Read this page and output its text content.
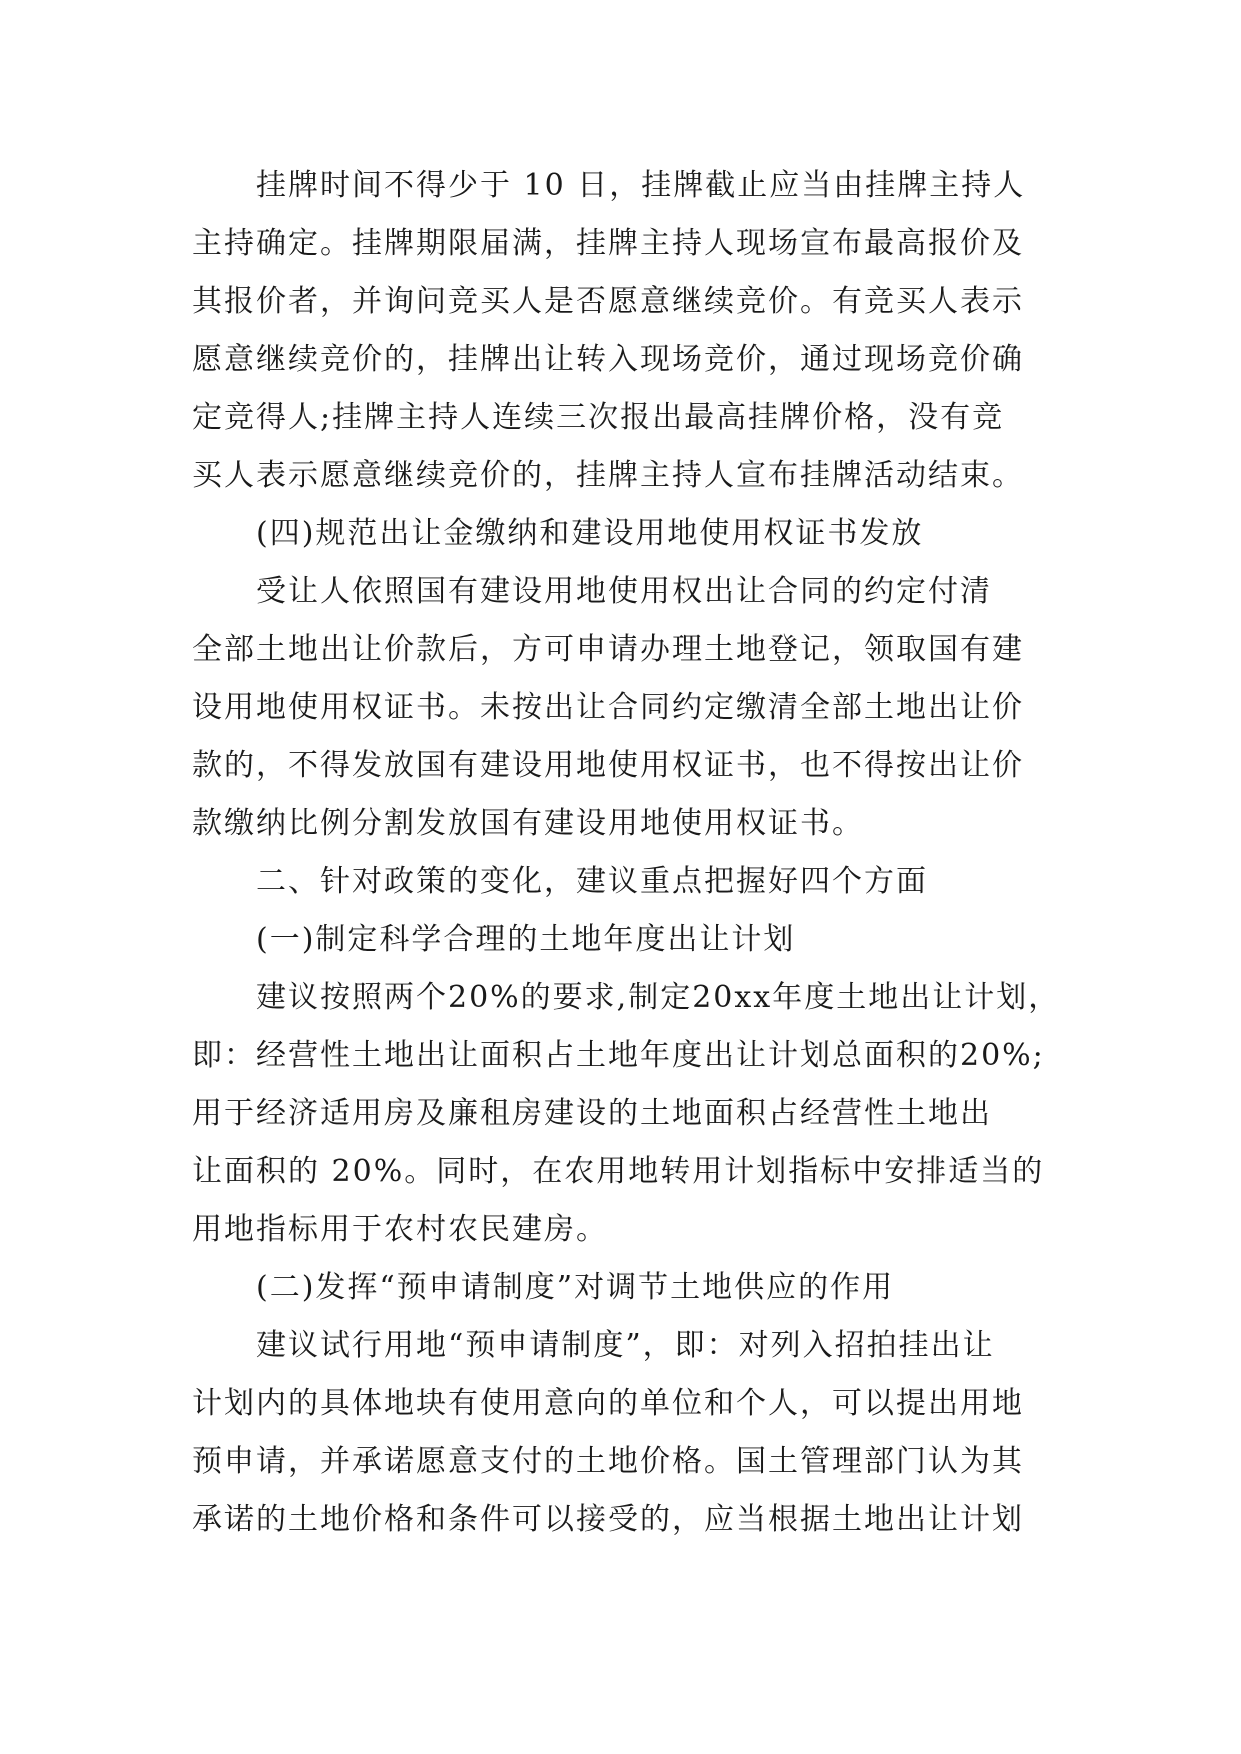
挂牌时间不得少于 10 日，挂牌截止应当由挂牌主持人
主持确定。挂牌期限届满，挂牌主持人现场宣布最高报价及
其报价者，并询问竞买人是否愿意继续竞价。有竞买人表示
愿意继续竞价的，挂牌出让转入现场竞价，通过现场竞价确
定竞得人;挂牌主持人连续三次报出最高挂牌价格，没有竞
买人表示愿意继续竞价的，挂牌主持人宣布挂牌活动结束。
(四)规范出让金缴纳和建设用地使用权证书发放
受让人依照国有建设用地使用权出让合同的约定付清
全部土地出让价款后，方可申请办理土地登记，领取国有建
设用地使用权证书。未按出让合同约定缴清全部土地出让价
款的，不得发放国有建设用地使用权证书，也不得按出让价
款缴纳比例分割发放国有建设用地使用权证书。
二、针对政策的变化，建议重点把握好四个方面
(一)制定科学合理的土地年度出让计划
建议按照两个20%的要求,制定20xx年度土地出让计划，
即：经营性土地出让面积占土地年度出让计划总面积的20%;
用于经济适用房及廉租房建设的土地面积占经营性土地出
让面积的 20%。同时，在农用地转用计划指标中安排适当的
用地指标用于农村农民建房。
(二)发挥“预申请制度”对调节土地供应的作用
建议试行用地“预申请制度”，即：对列入招拍挂出让
计划内的具体地块有使用意向的单位和个人，可以提出用地
预申请，并承诺愿意支付的土地价格。国土管理部门认为其
承诺的土地价格和条件可以接受的，应当根据土地出让计划
